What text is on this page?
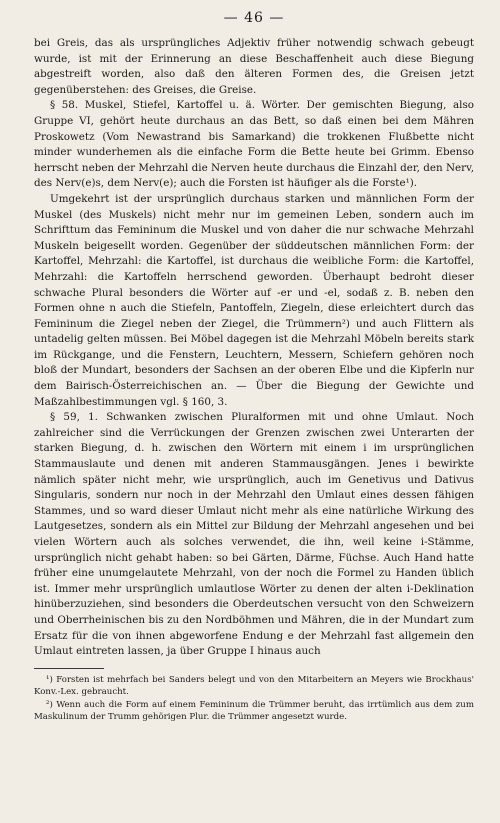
— 46 —

bei Greis, das als ursprüngliches Adjektiv früher notwendig schwach gebeugt wurde, ist mit der Erinnerung an diese Beschaffenheit auch diese Biegung abgestreift worden, also daß den älteren Formen des, die Greisen jetzt gegenüberstehen: des Greises, die Greise.

§ 58. Muskel, Stiefel, Kartoffel u. ä. Wörter. Der gemischten Biegung, also Gruppe VI, gehört heute durchaus an das Bett, so daß einen bei dem Mähren Proskowetz (Vom Newastrand bis Samarkand) die trokkenen Flußbette nicht minder wunderhemen als die einfache Form die Bette heute bei Grimm. Ebenso herrscht neben der Mehrzahl die Nerven heute durchaus die Einzahl der, den Nerv, des Nerv(e)s, dem Nerv(e); auch die Forsten ist häufiger als die Forste¹).

Umgekehrt ist der ursprünglich durchaus starken und männlichen Form der Muskel (des Muskels) nicht mehr nur im gemeinen Leben, sondern auch im Schrifttum das Femininum die Muskel und von daher die nur schwache Mehrzahl Muskeln beigesellt worden. Gegenüber der süddeutschen männlichen Form: der Kartoffel, Mehrzahl: die Kartoffel, ist durchaus die weibliche Form: die Kartoffel, Mehrzahl: die Kartoffeln herrschend geworden. Überhaupt bedroht dieser schwache Plural besonders die Wörter auf -er und -el, sodaß z. B. neben den Formen ohne n auch die Stiefeln, Pantoffeln, Ziegeln, diese erleichtert durch das Femininum die Ziegel neben der Ziegel, die Trümmern²) und auch Flittern als untadelig gelten müssen. Bei Möbel dagegen ist die Mehrzahl Möbeln bereits stark im Rückgange, und die Fenstern, Leuchtern, Messern, Schiefern gehören noch bloß der Mundart, besonders der Sachsen an der oberen Elbe und die Kipferln nur dem Bairisch-Österreichischen an. — Über die Biegung der Gewichte und Maßzahlbestimmungen vgl. § 160, 3.

§ 59, 1. Schwanken zwischen Pluralformen mit und ohne Umlaut. Noch zahlreicher sind die Verrückungen der Grenzen zwischen zwei Unterarten der starken Biegung, d. h. zwischen den Wörtern mit einem i im ursprünglichen Stammauslaute und denen mit anderen Stammausgängen. Jenes i bewirkte nämlich später nicht mehr, wie ursprünglich, auch im Genetivus und Dativus Singularis, sondern nur noch in der Mehrzahl den Umlaut eines dessen fähigen Stammes, und so ward dieser Umlaut nicht mehr als eine natürliche Wirkung des Lautgesetzes, sondern als ein Mittel zur Bildung der Mehrzahl angesehen und bei vielen Wörtern auch als solches verwendet, die ihn, weil keine i-Stämme, ursprünglich nicht gehabt haben: so bei Gärten, Därme, Füchse. Auch Hand hatte früher eine unumgelautete Mehrzahl, von der noch die Formel zu Handen üblich ist. Immer mehr ursprünglich umlautlose Wörter zu denen der alten i-Deklination hinüberzuziehen, sind besonders die Oberdeutschen versucht von den Schweizern und Oberrheinischen bis zu den Nordböhmen und Mähren, die in der Mundart zum Ersatz für die von ihnen abgeworfene Endung e der Mehrzahl fast allgemein den Umlaut eintreten lassen, ja über Gruppe I hinaus auch

¹) Forsten ist mehrfach bei Sanders belegt und von den Mitarbeitern an Meyers wie Brockhaus' Konv.-Lex. gebraucht.

²) Wenn auch die Form auf einem Femininum die Trümmer beruht, das irrtümlich aus dem zum Maskulinum der Trumm gehörigen Plur. die Trümmer angesetzt wurde.
